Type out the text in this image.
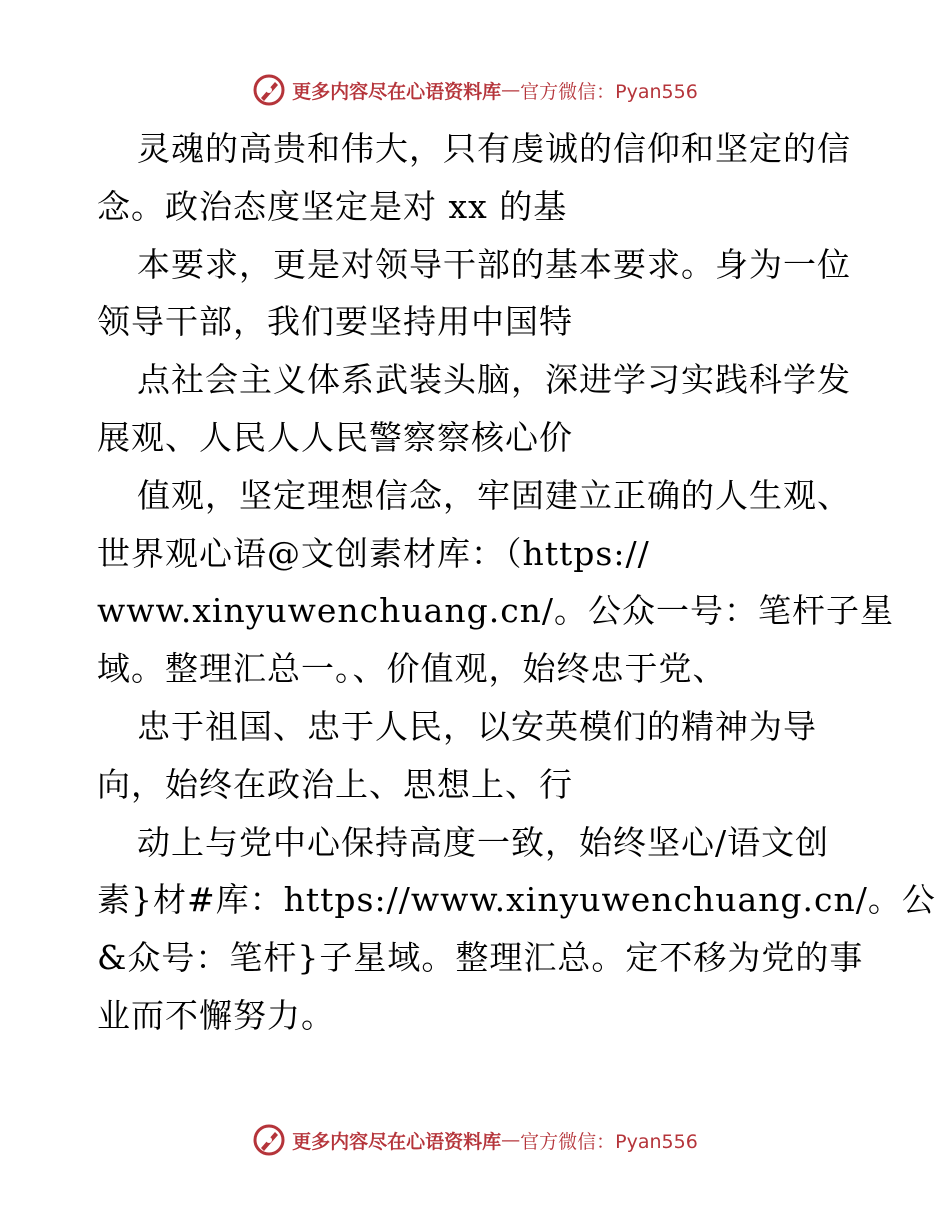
更多内容尽在心语资料库 — 官方微信：Pyan556
灵魂的高贵和伟大，只有虔诚的信仰和坚定的信
念。政治态度坚定是对 xx 的基
本要求，更是对领导干部的基本要求。身为一位
领导干部，我们要坚持用中国特
点社会主义体系武装头脑，深进学习实践科学发
展观、人民人人民警察察核心价
值观，坚定理想信念，牢固建立正确的人生观、
世界观心语@文创素材库：（https://
www.xinyuwenchuang.cn/。公众一号：笔杆子星
域。整理汇总一。、价值观，始终忠于党、
忠于祖国、忠于人民，以安英模们的精神为导
向，始终在政治上、思想上、行
动上与党中心保持高度一致，始终坚心/语文创
素}材#库：https://www.xinyuwenchuang.cn/。公
&众号：笔杆}子星域。整理汇总。定不移为党的事
业而不懈努力。
更多内容尽在心语资料库 — 官方微信：Pyan556
